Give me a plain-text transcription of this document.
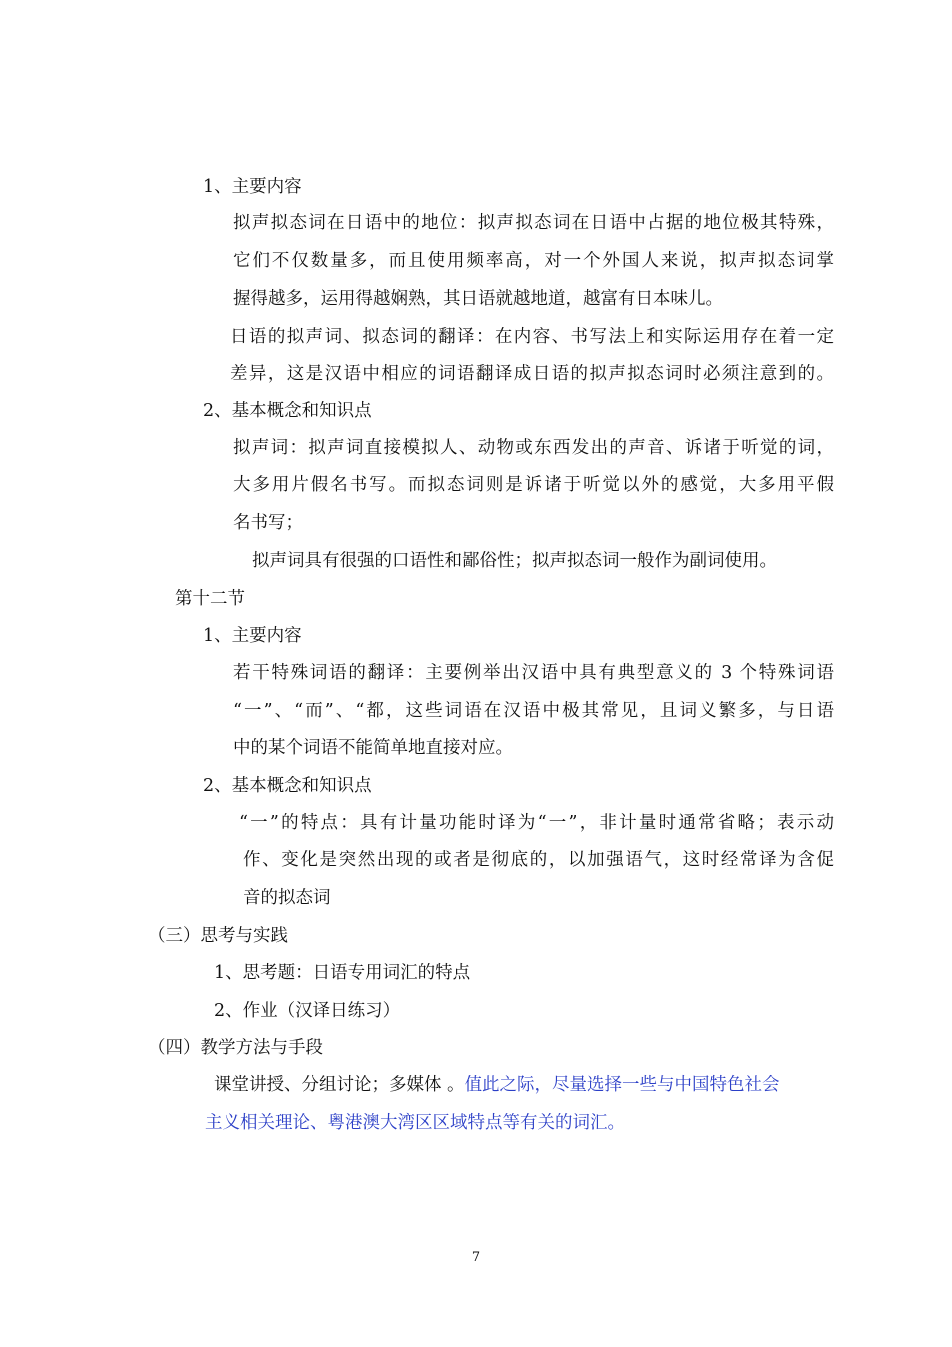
1、主要内容

拟声拟态词在日语中的地位：拟声拟态词在日语中占据的地位极其特殊，

它们不仅数量多，而且使用频率高，对一个外国人来说，拟声拟态词掌

握得越多，运用得越娴熟，其日语就越地道，越富有日本味儿。

日语的拟声词、拟态词的翻译：在内容、书写法上和实际运用存在着一定

差异，这是汉语中相应的词语翻译成日语的拟声拟态词时必须注意到的。

2、基本概念和知识点

拟声词：拟声词直接模拟人、动物或东西发出的声音、诉诸于听觉的词，

大多用片假名书写。而拟态词则是诉诸于听觉以外的感觉，大多用平假

名书写；

拟声词具有很强的口语性和鄙俗性；拟声拟态词一般作为副词使用。

第十二节

1、主要内容

若干特殊词语的翻译：主要例举出汉语中具有典型意义的 3 个特殊词语

“一”、“而”、“都，这些词语在汉语中极其常见，且词义繁多，与日语

中的某个词语不能简单地直接对应。

2、基本概念和知识点

“一”的特点：具有计量功能时译为“一”，非计量时通常省略；表示动

作、变化是突然出现的或者是彻底的，以加强语气，这时经常译为含促

音的拟态词

（三）思考与实践

1、思考题：日语专用词汇的特点

2、作业（汉译日练习）

（四）教学方法与手段

课堂讲授、分组讨论；多媒体 。值此之际，尽量选择一些与中国特色社会

主义相关理论、粤港澳大湾区区域特点等有关的词汇。

7
